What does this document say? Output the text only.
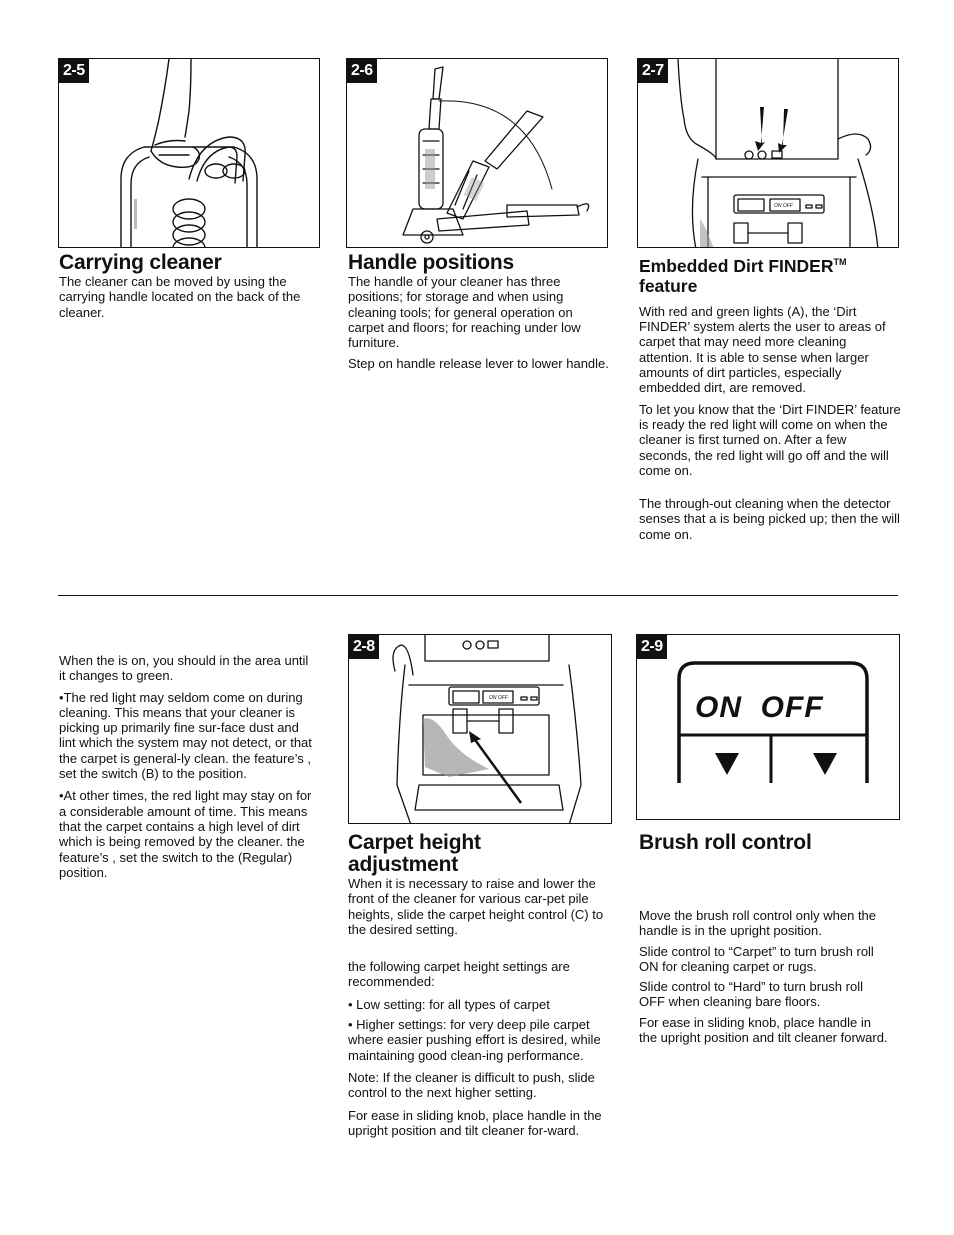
2-5	2-6
ON OFF
2-7
Carrying cleaner

The cleaner can be moved by using the carrying handle located on the back of the cleaner.

Handle positions

The handle of your cleaner has three positions; for storage and when using cleaning tools; for general operation on carpet and floors; for reaching under low furniture.

Step on handle release lever to lower handle.

Embedded Dirt FINDER™
feature

With red and green lights (A), the ‘Dirt FINDER’ system alerts the user to areas of carpet that may need more cleaning attention. It is able to sense when larger amounts of dirt particles, especially embedded dirt, are removed.

To let you know that the ‘Dirt FINDER’ feature is ready the red light will come on when the cleaner is first turned on. After a few seconds, the red light will go off and the will come on.

The through-out cleaning when the detector senses that a is being picked up; then the will come on.

When the is on, you should in the area until it changes to green.

•The red light may seldom come on during cleaning. This means that your cleaner is picking up primarily fine sur-face dust and lint which the system may not detect, or that the carpet is general-ly clean. the feature’s , set the switch (B) to the position.

•At other times, the red light may stay on for a considerable amount of time. This means that the carpet contains a high level of dirt which is being removed by the cleaner. the feature’s , set the switch to the (Regular) position.

ON OFF
2-8
ON OFF
2-9
Carpet height adjustment

When it is necessary to raise and lower the front of the cleaner for various car-pet pile heights, slide the carpet height control (C) to the desired setting.

the following carpet height settings are recommended:

• Low setting: for all types of carpet

• Higher settings: for very deep pile carpet where easier pushing effort is desired, while maintaining good clean-ing performance.

Note: If the cleaner is difficult to push, slide control to the next higher setting.

For ease in sliding knob, place handle in the upright position and tilt cleaner for-ward.

Brush roll control

Move the brush roll control only when the handle is in the upright position.

Slide control to “Carpet” to turn brush roll ON for cleaning carpet or rugs.

Slide control to “Hard” to turn brush roll OFF when cleaning bare floors.

For ease in sliding knob, place handle in the upright position and tilt cleaner forward.
